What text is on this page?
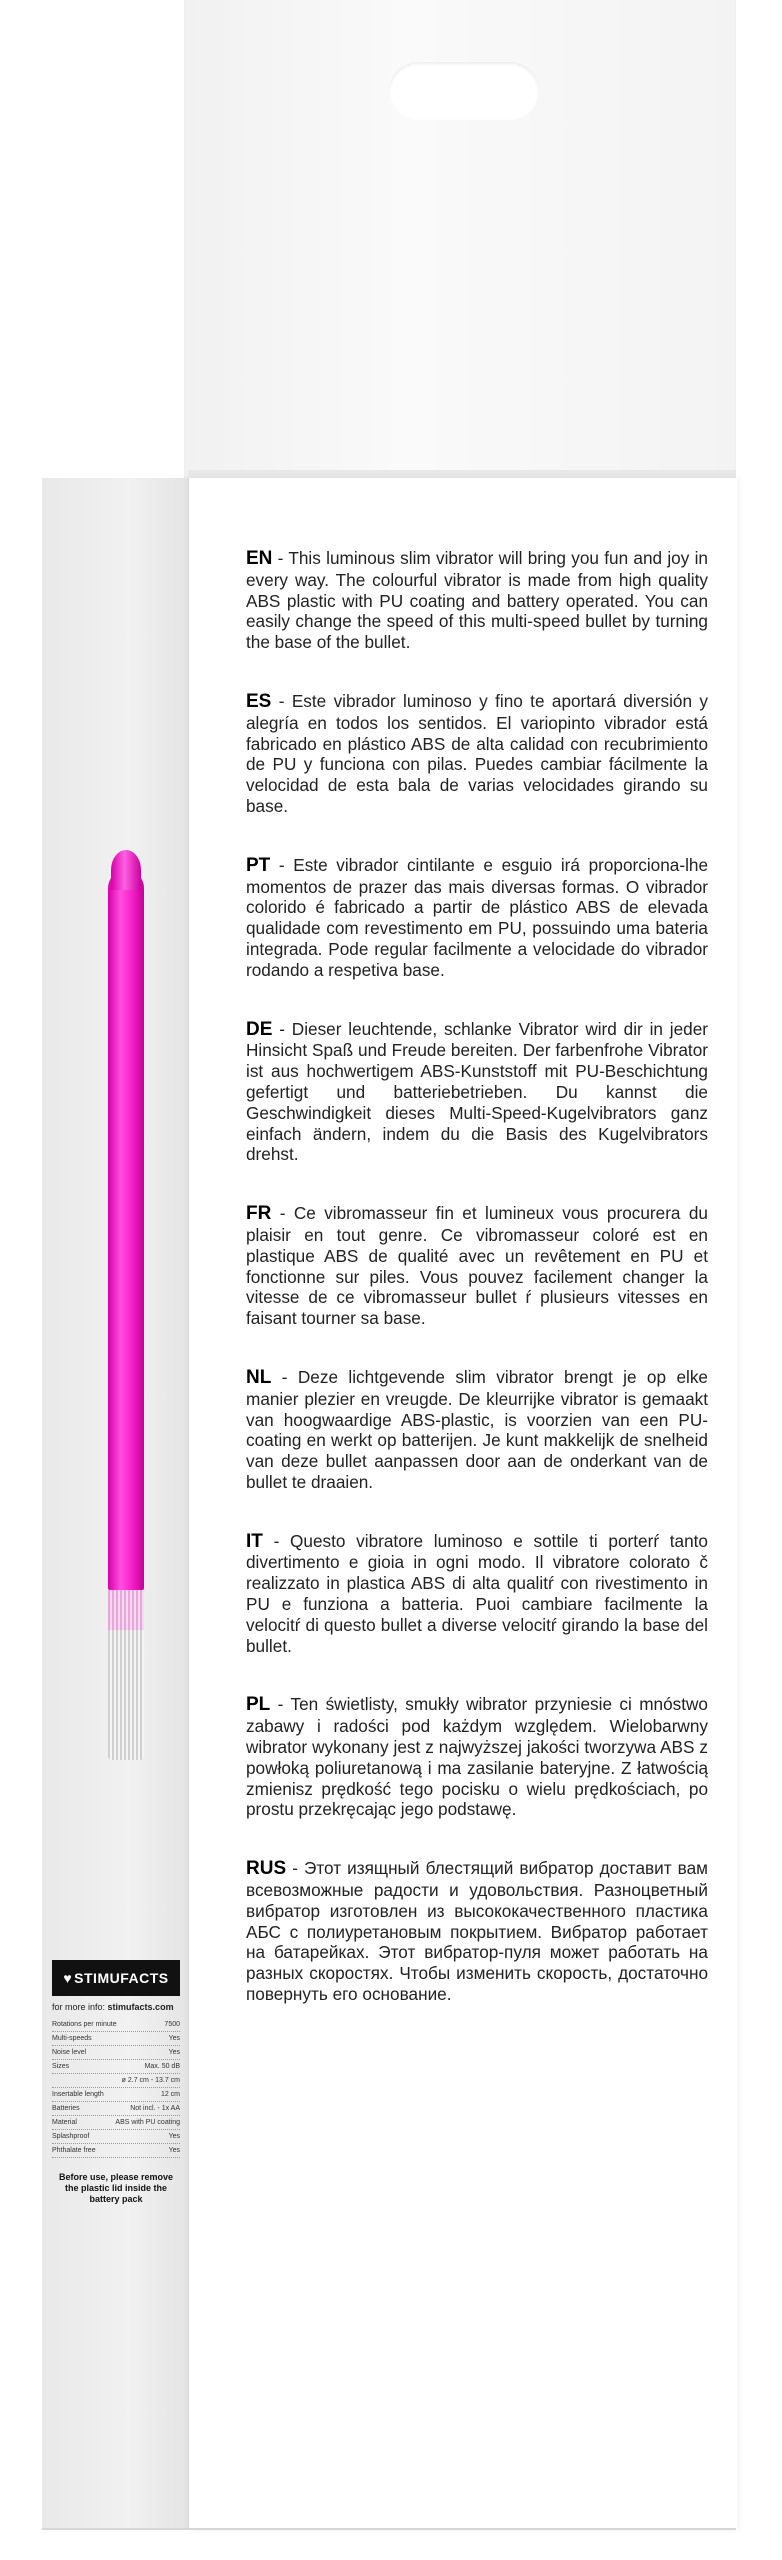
♥ STIMUFACTS
for more info: stimufacts.com
Rotations per minute	7500
Multi-speeds	Yes
Noise level	Yes
Sizes	Max. 50 dB
ø 2.7 cm - 13.7 cm
Insertable length	12 cm
Batteries	Not incl. - 1x AA
Material	ABS with PU coating
Splashproof	Yes
Phthalate free	Yes
Before use, please remove the plastic lid inside the battery pack

EN - This luminous slim vibrator will bring you fun and joy in every way. The colourful vibrator is made from high quality ABS plastic with PU coating and battery operated. You can easily change the speed of this multi-speed bullet by turning the base of the bullet.

ES - Este vibrador luminoso y fino te aportará diversión y alegría en todos los sentidos. El variopinto vibrador está fabricado en plástico ABS de alta calidad con recubrimiento de PU y funciona con pilas. Puedes cambiar fácilmente la velocidad de esta bala de varias velocidades girando su base.

PT - Este vibrador cintilante e esguio irá proporciona-lhe momentos de prazer das mais diversas formas. O vibrador colorido é fabricado a partir de plástico ABS de elevada qualidade com revestimento em PU, possuindo uma bateria integrada. Pode regular facilmente a velocidade do vibrador rodando a respetiva base.

DE - Dieser leuchtende, schlanke Vibrator wird dir in jeder Hinsicht Spaß und Freude bereiten. Der farbenfrohe Vibrator ist aus hochwertigem ABS-Kunststoff mit PU-Beschichtung gefertigt und batteriebetrieben. Du kannst die Geschwindigkeit dieses Multi-Speed-Kugelvibrators ganz einfach ändern, indem du die Basis des Kugelvibrators drehst.

FR - Ce vibromasseur fin et lumineux vous procurera du plaisir en tout genre. Ce vibromasseur coloré est en plastique ABS de qualité avec un revêtement en PU et fonctionne sur piles. Vous pouvez facilement changer la vitesse de ce vibromasseur bullet ŕ plusieurs vitesses en faisant tourner sa base.

NL - Deze lichtgevende slim vibrator brengt je op elke manier plezier en vreugde. De kleurrijke vibrator is gemaakt van hoogwaardige ABS-plastic, is voorzien van een PU-coating en werkt op batterijen. Je kunt makkelijk de snelheid van deze bullet aanpassen door aan de onderkant van de bullet te draaien.

IT - Questo vibratore luminoso e sottile ti porterŕ tanto divertimento e gioia in ogni modo. Il vibratore colorato č realizzato in plastica ABS di alta qualitŕ con rivestimento in PU e funziona a batteria. Puoi cambiare facilmente la velocitŕ di questo bullet a diverse velocitŕ girando la base del bullet.

PL - Ten świetlisty, smukły wibrator przyniesie ci mnóstwo zabawy i radości pod każdym względem. Wielobarwny wibrator wykonany jest z najwyższej jakości tworzywa ABS z powłoką poliuretanową i ma zasilanie bateryjne. Z łatwością zmienisz prędkość tego pocisku o wielu prędkościach, po prostu przekręcając jego podstawę.

RUS - Этот изящный блестящий вибратор доставит вам всевозможные радости и удовольствия. Разноцветный вибратор изготовлен из высококачественного пластика АБС с полиуретановым покрытием. Вибратор работает на батарейках. Этот вибратор-пуля может работать на разных скоростях. Чтобы изменить скорость, достаточно повернуть его основание.
